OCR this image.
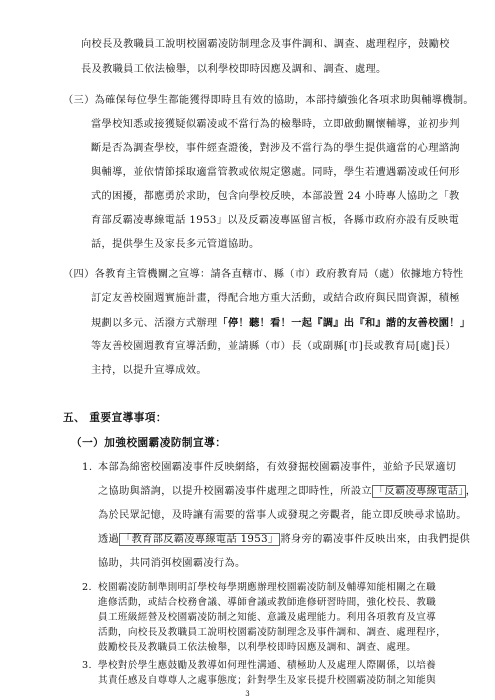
向校長及教職員工說明校園霸凌防制理念及事件調和、調查、處理程序，鼓勵校
長及教職員工依法檢舉，以利學校即時因應及調和、調查、處理。
（三）為確保每位學生都能獲得即時且有效的協助，本部持續強化各項求助與輔導機制。
當學校知悉或接獲疑似霸凌或不當行為的檢舉時，立即啟動關懷輔導，並初步判
斷是否為調查學校，事件經查證後，對涉及不當行為的學生提供適當的心理諮詢
與輔導，並依情節採取適當管教或依規定懲處。同時，學生若遭遇霸凌或任何形
式的困擾，都應勇於求助，包含向學校反映，本部設置 24 小時專人協助之「教
育部反霸凌專線電話 1953」以及反霸凌專區留言板，各縣市政府亦設有反映電
話，提供學生及家長多元管道協助。
（四）各教育主管機關之宣導：請各直轄市、縣（市）政府教育局（處）依據地方特性
訂定友善校園週實施計畫，得配合地方重大活動，或結合政府與民間資源，積極
規劃以多元、活潑方式辦理「停！聽！看！一起『調』出『和』諧的友善校園！」
等友善校園週教育宣導活動，並請縣（市）長（或副縣[市]長或教育局[處]長）
主持，以提升宣導成效。
五、 重要宣導事項：
（一）加強校園霸凌防制宣導：
1. 本部為綿密校園霸凌事件反映網絡，有效發掘校園霸凌事件，並給予民眾適切
之協助與諮詢，以提升校園霸凌事件處理之即時性，所設立 「反霸凌專線電話」 ，
為於民眾記憶，及時讓有需要的當事人或發現之旁觀者，能立即反映尋求協助。
透過 「教育部反霸凌專線電話 1953」 將身旁的霸凌事件反映出來，由我們提供
協助，共同消弭校園霸凌行為。
3
2. 校園霸凌防制準則明訂學校每學期應辦理校園霸凌防制及輔導知能相關之在職
進修活動，或結合校務會議、導師會議或教師進修研習時間，強化校長、教職
員工班級經營及校園霸凌防制之知能、意識及處理能力。利用各項教育及宣導
活動，向校長及教職員工說明校園霸凌防制理念及事件調和、調查、處理程序，
鼓勵校長及教職員工依法檢舉，以利學校即時因應及調和、調查、處理。
3. 學校對於學生應鼓勵及教導如何理性溝通、積極助人及處理人際關係，以培養
其責任感及自尊尊人之處事態度；針對學生及家長提升校園霸凌防制之知能與
